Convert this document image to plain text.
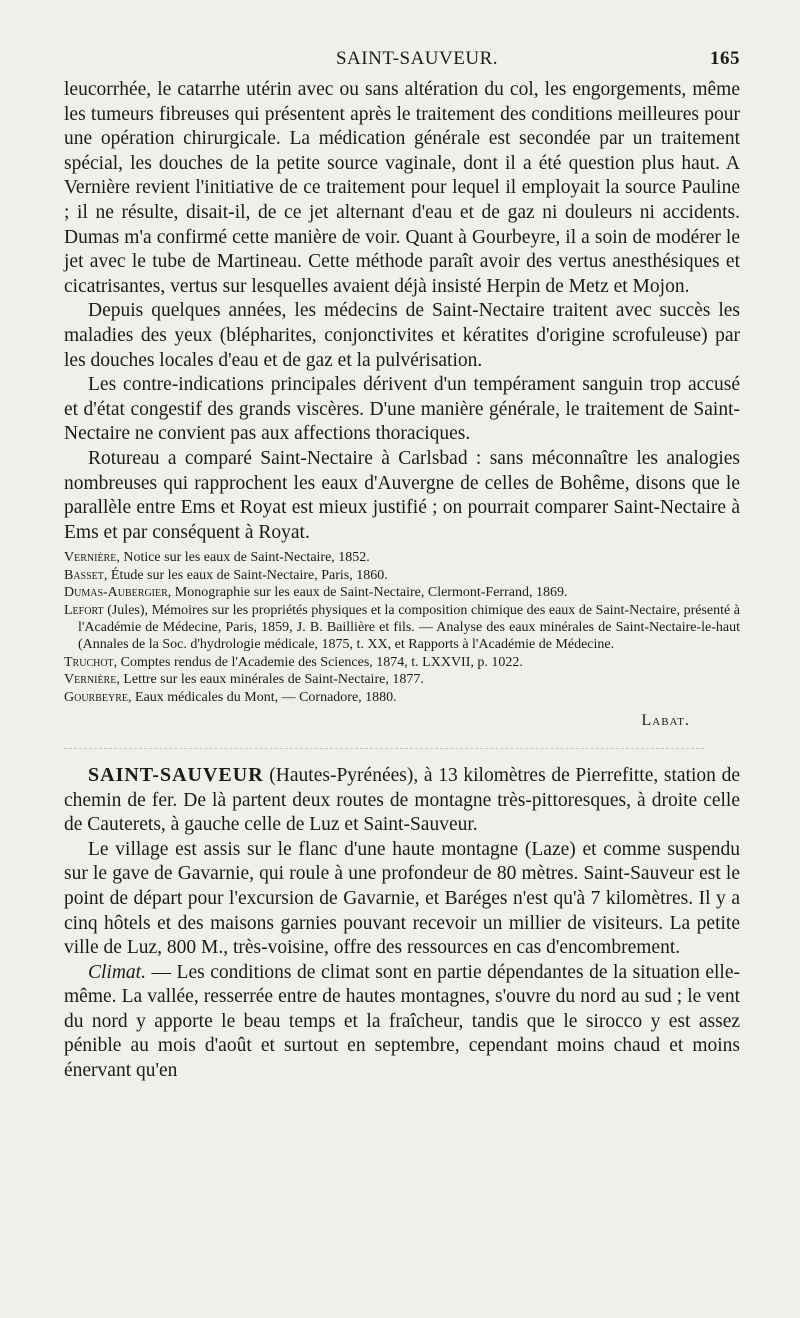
SAINT-SAUVEUR.	165

leucorrhée, le catarrhe utérin avec ou sans altération du col, les engorgements, même les tumeurs fibreuses qui présentent après le traitement des conditions meilleures pour une opération chirurgicale. La médication générale est secondée par un traitement spécial, les douches de la petite source vaginale, dont il a été question plus haut. A Vernière revient l'initiative de ce traitement pour lequel il employait la source Pauline ; il ne résulte, disait-il, de ce jet alternant d'eau et de gaz ni douleurs ni accidents. Dumas m'a confirmé cette manière de voir. Quant à Gourbeyre, il a soin de modérer le jet avec le tube de Martineau. Cette méthode paraît avoir des vertus anesthésiques et cicatrisantes, vertus sur lesquelles avaient déjà insisté Herpin de Metz et Mojon.

Depuis quelques années, les médecins de Saint-Nectaire traitent avec succès les maladies des yeux (blépharites, conjonctivites et kératites d'origine scrofuleuse) par les douches locales d'eau et de gaz et la pulvérisation.

Les contre-indications principales dérivent d'un tempérament sanguin trop accusé et d'état congestif des grands viscères. D'une manière générale, le traitement de Saint-Nectaire ne convient pas aux affections thoraciques.

Rotureau a comparé Saint-Nectaire à Carlsbad : sans méconnaître les analogies nombreuses qui rapprochent les eaux d'Auvergne de celles de Bohême, disons que le parallèle entre Ems et Royat est mieux justifié ; on pourrait comparer Saint-Nectaire à Ems et par conséquent à Royat.

Vernière, Notice sur les eaux de Saint-Nectaire, 1852.

Basset, Étude sur les eaux de Saint-Nectaire, Paris, 1860.

Dumas-Aubergier, Monographie sur les eaux de Saint-Nectaire, Clermont-Ferrand, 1869.

Lefort (Jules), Mémoires sur les propriétés physiques et la composition chimique des eaux de Saint-Nectaire, présenté à l'Académie de Médecine, Paris, 1859, J. B. Baillière et fils. — Analyse des eaux minérales de Saint-Nectaire-le-haut (Annales de la Soc. d'hydrologie médicale, 1875, t. XX, et Rapports à l'Académie de Médecine.

Truchot, Comptes rendus de l'Academie des Sciences, 1874, t. LXXVII, p. 1022.

Vernière, Lettre sur les eaux minérales de Saint-Nectaire, 1877.

Gourbeyre, Eaux médicales du Mont, — Cornadore, 1880.

Labat.

SAINT-SAUVEUR (Hautes-Pyrénées), à 13 kilomètres de Pierrefitte, station de chemin de fer. De là partent deux routes de montagne très-pittoresques, à droite celle de Cauterets, à gauche celle de Luz et Saint-Sauveur.

Le village est assis sur le flanc d'une haute montagne (Laze) et comme suspendu sur le gave de Gavarnie, qui roule à une profondeur de 80 mètres. Saint-Sauveur est le point de départ pour l'excursion de Gavarnie, et Baréges n'est qu'à 7 kilomètres. Il y a cinq hôtels et des maisons garnies pouvant recevoir un millier de visiteurs. La petite ville de Luz, 800 M., très-voisine, offre des ressources en cas d'encombrement.

Climat. — Les conditions de climat sont en partie dépendantes de la situation elle-même. La vallée, resserrée entre de hautes montagnes, s'ouvre du nord au sud ; le vent du nord y apporte le beau temps et la fraîcheur, tandis que le sirocco y est assez pénible au mois d'août et surtout en septembre, cependant moins chaud et moins énervant qu'en
